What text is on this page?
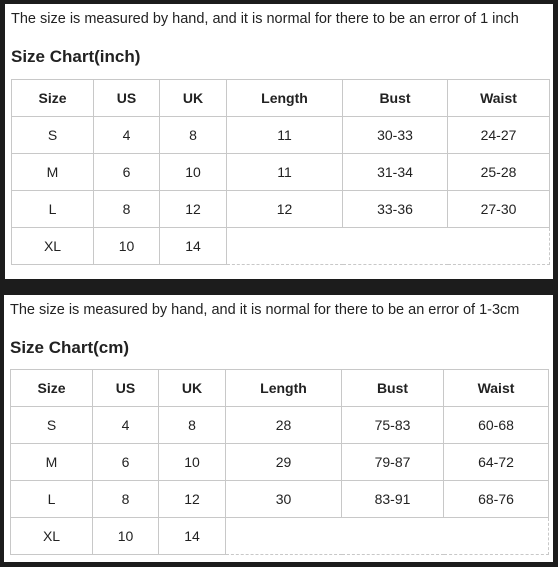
The size is measured by hand, and it is normal for there to be an error of 1 inch
Size Chart(inch)
Size	US	UK	Length	Bust	Waist
S	4	8	11	30-33	24-27
M	6	10	11	31-34	25-28
L	8	12	12	33-36	27-30
XL	10	14			
The size is measured by hand, and it is normal for there to be an error of 1-3cm
Size Chart(cm)
Size	US	UK	Length	Bust	Waist
S	4	8	28	75-83	60-68
M	6	10	29	79-87	64-72
L	8	12	30	83-91	68-76
XL	10	14			
